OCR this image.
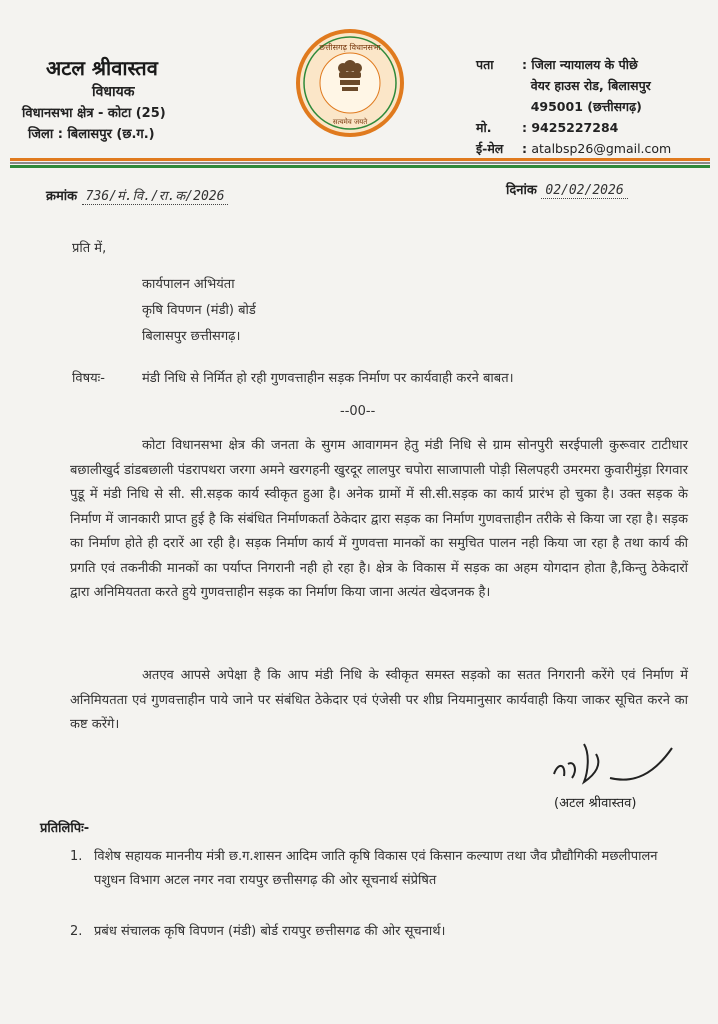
अटल श्रीवास्तव
विधायक
विधानसभा क्षेत्र - कोटा (25)
जिला : बिलासपुर (छ.ग.)
छत्तीसगढ़ विधानसभा
सत्यमेव जयते
पता	: जिला न्यायालय के पीछे

वेयर हाउस रोड, बिलासपुर

495001 (छत्तीसगढ़)
मो.	: 9425227284
ई-मेल	: atalbsp26@gmail.com
क्रमांक 736/मं.वि./रा.क/2026	दिनांक 02/02/2026
प्रति में,
कार्यपालन अभियंता
कृषि विपणन (मंडी) बोर्ड
बिलासपुर छत्तीसगढ़।
विषयः-	मंडी निधि से निर्मित हो रही गुणवत्ताहीन सड़क निर्माण पर कार्यवाही करने बाबत।
--00--
कोटा विधानसभा क्षेत्र की जनता के सुगम आवागमन हेतु मंडी निधि से ग्राम सोनपुरी सरईपाली कुरूवार टाटीधार बछालीखुर्द डांडबछाली पंडरापथरा जरगा अमने खरगहनी खुरदूर लालपुर चपोरा साजापाली पोड़ी सिलपहरी उमरमरा कुवारीमुंड़ा रिगवार पुडू में मंडी निधि से सी. सी.सड़क कार्य स्वीकृत हुआ है। अनेक ग्रामों में सी.सी.सड़क का कार्य प्रारंभ हो चुका है। उक्त सड़क के निर्माण में जानकारी प्राप्त हुई है कि संबंधित निर्माणकर्ता ठेकेदार द्वारा सड़क का निर्माण गुणवत्ताहीन तरीके से किया जा रहा है। सड़क का निर्माण होते ही दरारें आ रही है। सड़क निर्माण कार्य में गुणवत्ता मानकों का समुचित पालन नही किया जा रहा है तथा कार्य की प्रगति एवं तकनीकी मानकों का पर्याप्त निगरानी नही हो रहा है। क्षेत्र के विकास में सड़क का अहम योगदान होता है,किन्तु ठेकेदारों द्वारा अनिमियतता करते हुये गुणवत्ताहीन सड़क का निर्माण किया जाना अत्यंत खेदजनक है।
अतएव आपसे अपेक्षा है कि आप मंडी निधि के स्वीकृत समस्त सड़को का सतत निगरानी करेंगे एवं निर्माण में अनिमियतता एवं गुणवत्ताहीन पाये जाने पर संबंधित ठेकेदार एवं एंजेसी पर शीघ्र नियमानुसार कार्यवाही किया जाकर सूचित करने का कष्ट करेंगे।
(अटल श्रीवास्तव)
प्रतिलिपिः-
1. विशेष सहायक माननीय मंत्री छ.ग.शासन आदिम जाति कृषि विकास एवं किसान कल्याण तथा जैव प्रौद्यौगिकी मछलीपालन पशुधन विभाग अटल नगर नवा रायपुर छत्तीसगढ़ की ओर सूचनार्थ संप्रेषित
2. प्रबंध संचालक कृषि विपणन (मंडी) बोर्ड रायपुर छत्तीसगढ की ओर सूचनार्थ।
